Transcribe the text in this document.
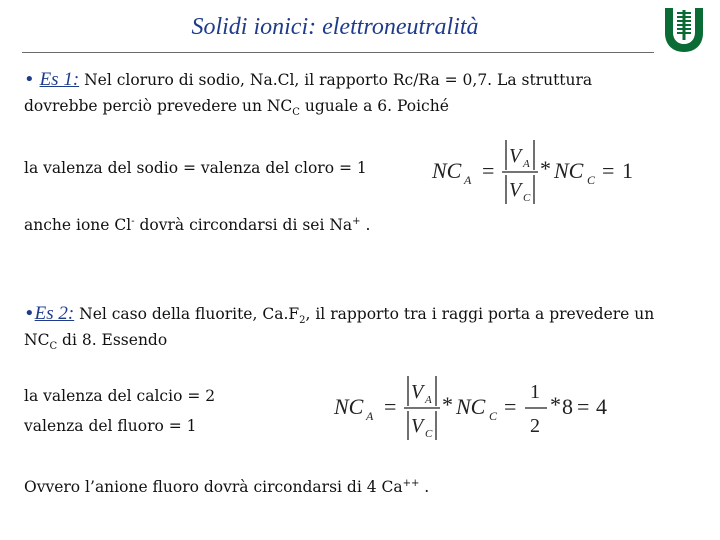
Solidi ionici: elettroneutralità
• Es 1: Nel cloruro di sodio, Na.Cl, il rapporto Rc/Ra = 0,7. La struttura
dovrebbe perciò prevedere un $NC_C$ uguale a 6. Poiché
la valenza del sodio = valenza del cloro = 1
anche ione Cl- dovrà circondarsi di sei Na+ .
NC A =
V A
V C
* NC C = 1
•Es 2: Nel caso della fluorite, $Ca.F_2$, il rapporto tra i raggi porta a prevedere un
$NC_C$ di 8. Essendo
la valenza del calcio = 2
valenza del fluoro = 1
Ovvero l’anione fluoro dovrà circondarsi di 4 Ca++ .
NC A =
V A
V C
* NC C =
1
2
* 8 = 4
